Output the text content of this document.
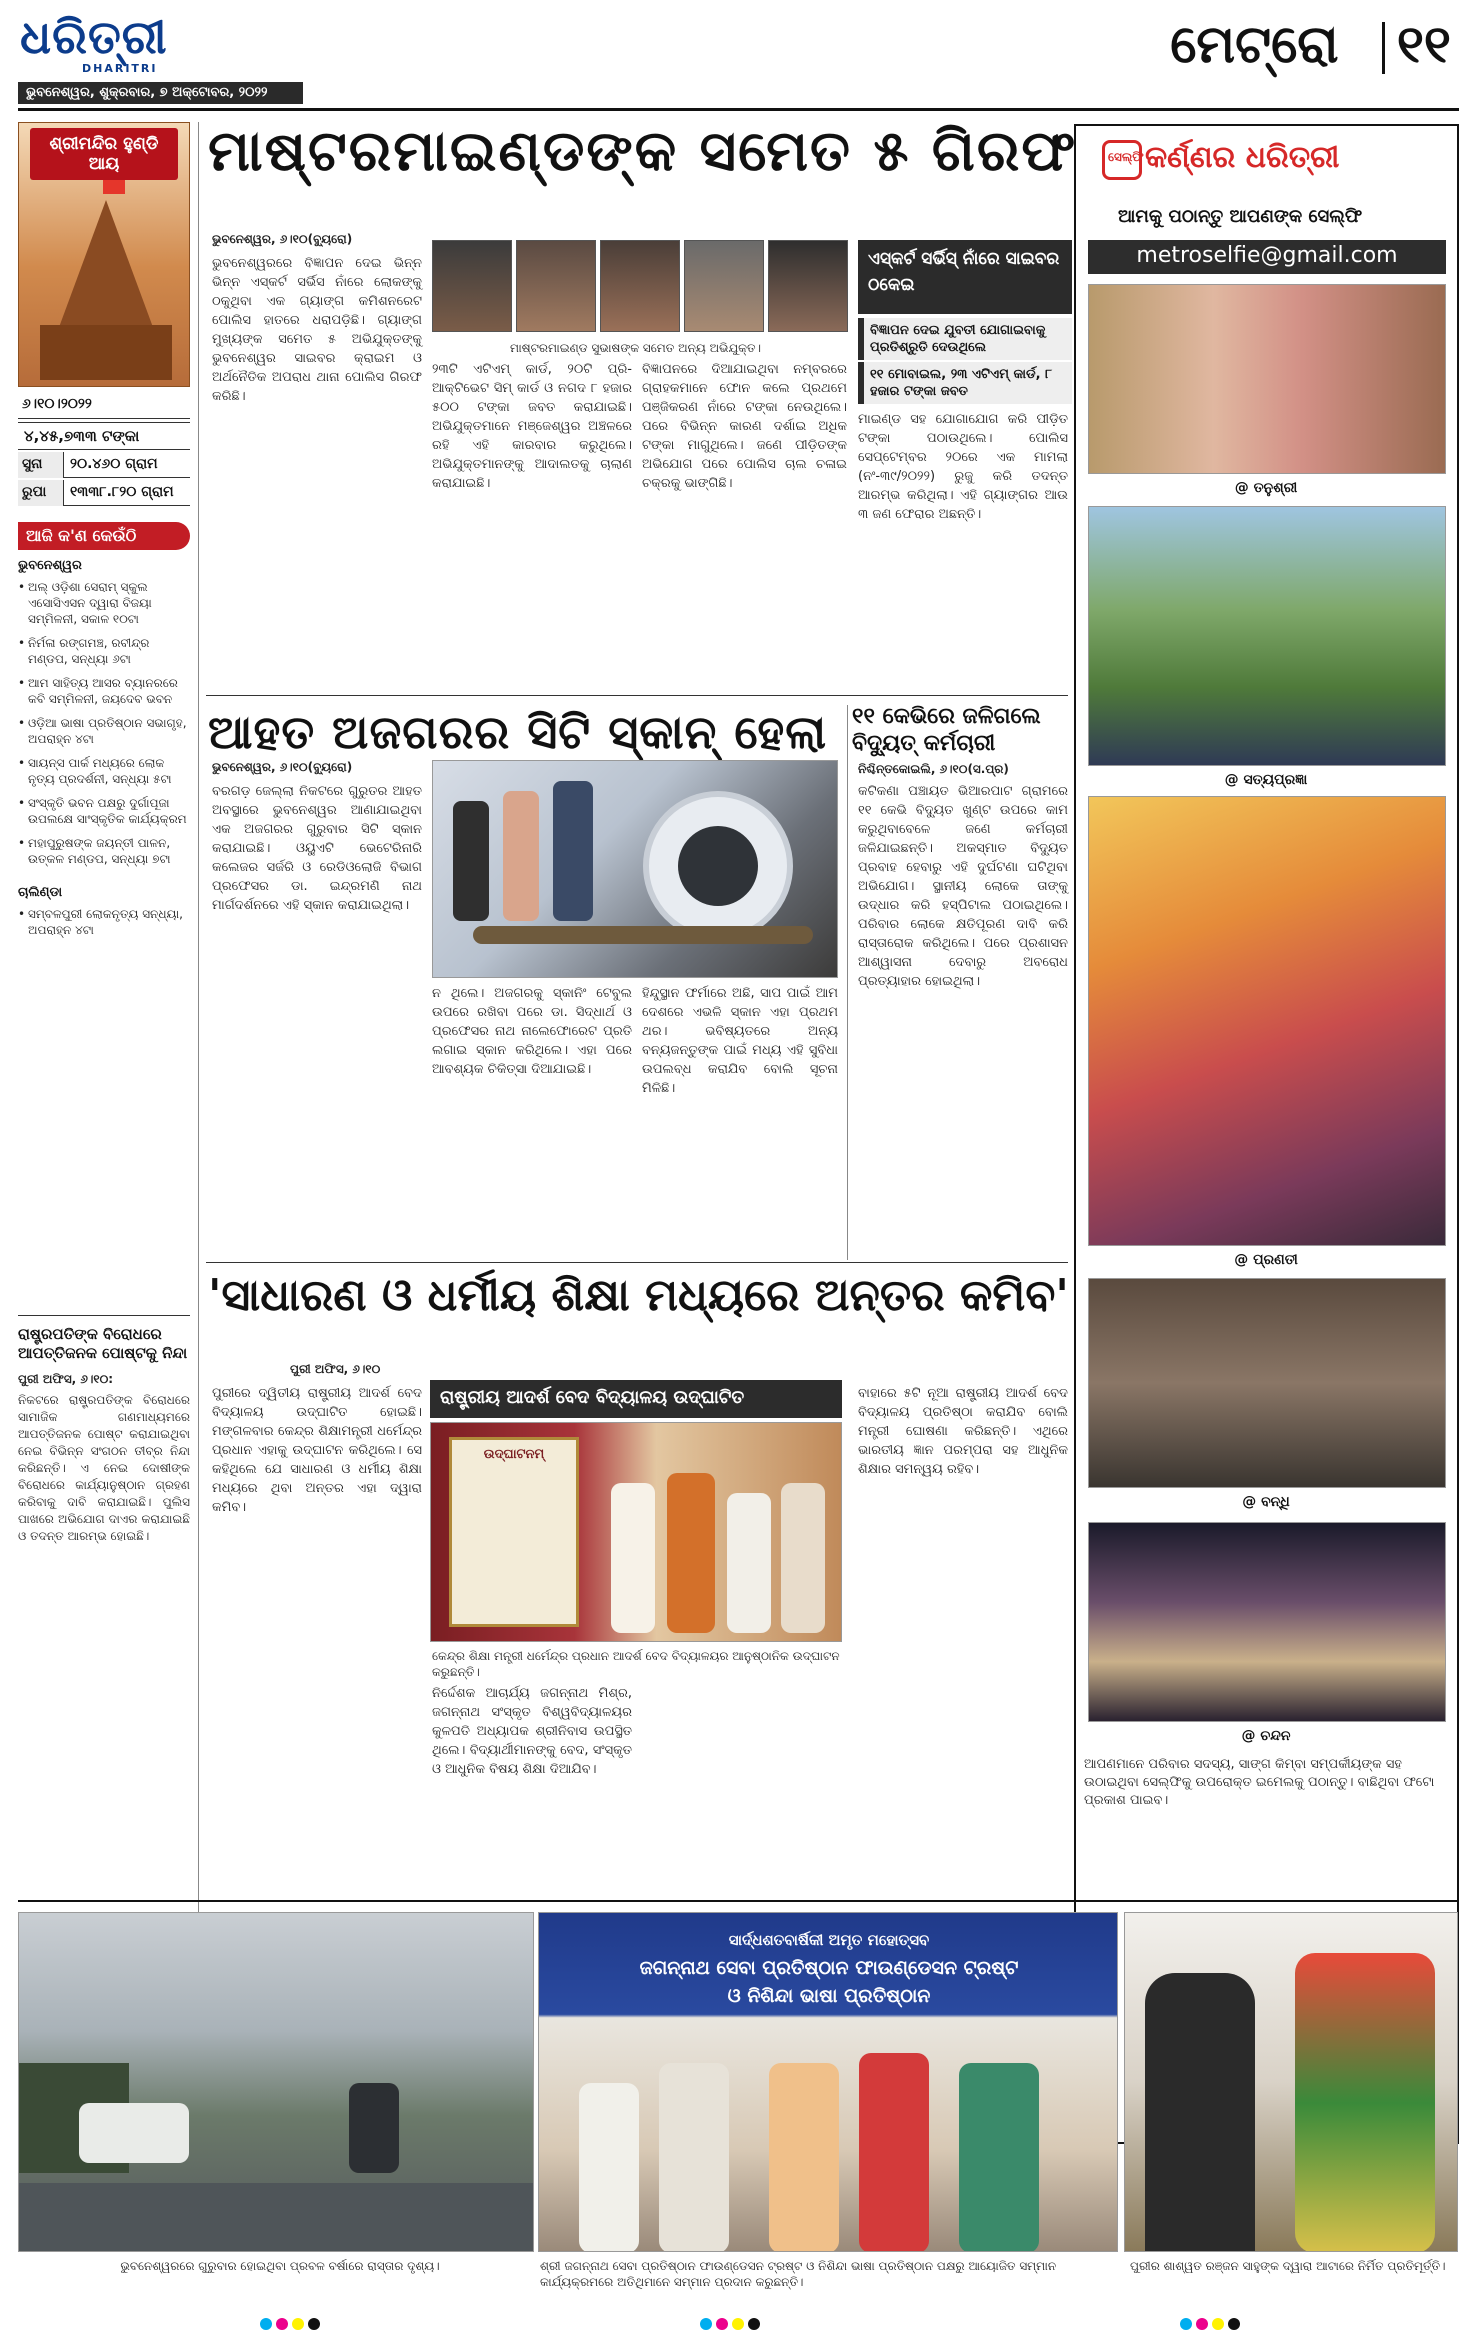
ଧରିତ୍ରୀ
DHARITRI
ଭୁବନେଶ୍ୱର, ଶୁକ୍ରବାର, ୭ ଅକ୍ଟୋବର, ୨୦୨୨
ମେଟ୍ରୋ ୧୧
ଶ୍ରୀମନ୍ଦିର ହୁଣ୍ଡି ଆୟ
୬।୧୦।୨୦୨୨
୪,୪୫,୭୩୩ ଟଙ୍କା
ସୁନା	୨୦.୪୬୦ ଗ୍ରାମ
ରୁପା	୧୩୩୮.୮୨୦ ଗ୍ରାମ
ଆଜି କ'ଣ କେଉଁଠି
ଭୁବନେଶ୍ୱର
• ଅଲ୍ ଓଡ଼ିଶା ସେରାମ୍ ସ୍କୁଲ ଏସୋସିଏସନ ଦ୍ୱାରା ବିଜୟା ସମ୍ମିଳନୀ, ସକାଳ ୧୦ଟା
• ନିର୍ମଳା ରଙ୍ଗମଞ୍ଚ, ରବୀନ୍ଦ୍ର ମଣ୍ଡପ, ସନ୍ଧ୍ୟା ୬ଟା
• ଆମ ସାହିତ୍ୟ ଆସର ବ୍ୟାନରରେ କବି ସମ୍ମିଳନୀ, ଜୟଦେବ ଭବନ
• ଓଡ଼ିଆ ଭାଷା ପ୍ରତିଷ୍ଠାନ ସଭାଗୃହ, ଅପରାହ୍ନ ୪ଟା
• ସାୟନ୍ସ ପାର୍କ ମଧ୍ୟରେ ଲୋକ ନୃତ୍ୟ ପ୍ରଦର୍ଶନୀ, ସନ୍ଧ୍ୟା ୫ଟା
• ସଂସ୍କୃତି ଭବନ ପକ୍ଷରୁ ଦୁର୍ଗାପୂଜା ଉପଲକ୍ଷେ ସାଂସ୍କୃତିକ କାର୍ଯ୍ୟକ୍ରମ
• ମହାପୁରୁଷଙ୍କ ଜୟନ୍ତୀ ପାଳନ, ଉତ୍କଳ ମଣ୍ଡପ, ସନ୍ଧ୍ୟା ୭ଟା
ଚାଲିଣ୍ଡା
• ସମ୍ବଳପୁରୀ ଲୋକନୃତ୍ୟ ସନ୍ଧ୍ୟା, ଅପରାହ୍ନ ୪ଟା
ରାଷ୍ଟ୍ରପତିଙ୍କ ବିରୋଧରେ ଆପତ୍ତିଜନକ ପୋଷ୍ଟକୁ ନିନ୍ଦା
ପୁରୀ ଅଫିସ, ୬।୧୦:
ନିକଟରେ ରାଷ୍ଟ୍ରପତିଙ୍କ ବିରୋଧରେ ସାମାଜିକ ଗଣମାଧ୍ୟମରେ ଆପତ୍ତିଜନକ ପୋଷ୍ଟ କରାଯାଇଥିବା ନେଇ ବିଭିନ୍ନ ସଂଗଠନ ତୀବ୍ର ନିନ୍ଦା କରିଛନ୍ତି। ଏ ନେଇ ଦୋଷୀଙ୍କ ବିରୋଧରେ କାର୍ଯ୍ୟାନୁଷ୍ଠାନ ଗ୍ରହଣ କରିବାକୁ ଦାବି କରାଯାଇଛି। ପୁଲିସ ପାଖରେ ଅଭିଯୋଗ ଦାଏର କରାଯାଇଛି ଓ ତଦନ୍ତ ଆରମ୍ଭ ହୋଇଛି।
ମାଷ୍ଟରମାଇଣ୍ଡଙ୍କ ସମେତ ୫ ଗିରଫ
ଭୁବନେଶ୍ୱର, ୬।୧୦(ବ୍ୟୁରୋ)
ଭୁବନେଶ୍ୱରରେ ବିଜ୍ଞାପନ ଦେଇ ଭିନ୍ନ ଭିନ୍ନ ଏସ୍କର୍ଟ ସର୍ଭିସ ନାଁରେ ଲୋକଙ୍କୁ ଠକୁଥିବା ଏକ ଗ୍ୟାଙ୍ଗ କମିଶନରେଟ ପୋଲିସ ହାତରେ ଧରାପଡ଼ିଛି। ଗ୍ୟାଙ୍ଗ ମୁଖ୍ୟଙ୍କ ସମେତ ୫ ଅଭିଯୁକ୍ତଙ୍କୁ ଭୁବନେଶ୍ୱର ସାଇବର କ୍ରାଇମ ଓ ଅର୍ଥନୈତିକ ଅପରାଧ ଥାନା ପୋଲିସ ଗିରଫ କରିଛି।
ମାଷ୍ଟରମାଇଣ୍ଡ ସୁଭାଷଙ୍କ ସମେତ ଅନ୍ୟ ଅଭିଯୁକ୍ତ।
୨୩ଟି ଏଟିଏମ୍ କାର୍ଡ, ୨୦ଟି ପ୍ରି-ଆକ୍ଟିଭେଟ ସିମ୍ କାର୍ଡ ଓ ନଗଦ ୮ ହଜାର ୫୦୦ ଟଙ୍କା ଜବତ କରାଯାଇଛି। ଅଭିଯୁକ୍ତମାନେ ମଞ୍ଜେଶ୍ୱର ଅଞ୍ଚଳରେ ରହି ଏହି କାରବାର କରୁଥିଲେ। ଅଭିଯୁକ୍ତମାନଙ୍କୁ ଆଦାଲତକୁ ଚାଲାଣ କରାଯାଇଛି।
ବିଜ୍ଞାପନରେ ଦିଆଯାଇଥିବା ନମ୍ବରରେ ଗ୍ରାହକମାନେ ଫୋନ କଲେ ପ୍ରଥମେ ପଞ୍ଜିକରଣ ନାଁରେ ଟଙ୍କା ନେଉଥିଲେ। ପରେ ବିଭିନ୍ନ କାରଣ ଦର୍ଶାଇ ଅଧିକ ଟଙ୍କା ମାଗୁଥିଲେ। ଜଣେ ପୀଡ଼ିତଙ୍କ ଅଭିଯୋଗ ପରେ ପୋଲିସ ଚାଲ ଚଳାଇ ଚକ୍ରକୁ ଭାଙ୍ଗିଛି।
ଏସ୍କର୍ଟ ସର୍ଭିସ୍ ନାଁରେ ସାଇବର ଠକେଇ
ବିଜ୍ଞାପନ ଦେଇ ଯୁବତୀ ଯୋଗାଇବାକୁ ପ୍ରତିଶ୍ରୁତି ଦେଉଥିଲେ
୧୧ ମୋବାଇଲ, ୨୩ ଏଟିଏମ୍ କାର୍ଡ, ୮ ହଜାର ଟଙ୍କା ଜବତ
ମାଇଣ୍ଡ ସହ ଯୋଗାଯୋଗ କରି ପୀଡ଼ିତ ଟଙ୍କା ପଠାଉଥିଲେ। ପୋଲିସ ସେପ୍ଟେମ୍ବର ୨୦ରେ ଏକ ମାମଲା (ନଂ-୩୯/୨୦୨୨) ରୁଜୁ କରି ତଦନ୍ତ ଆରମ୍ଭ କରିଥିଲା। ଏହି ଗ୍ୟାଙ୍ଗର ଆଉ ୩ ଜଣ ଫେରାର ଅଛନ୍ତି।
ଆହତ ଅଜଗରର ସିଟି ସ୍କାନ୍ ହେଲା
ଭୁବନେଶ୍ୱର, ୬।୧୦(ବ୍ୟୁରୋ)
ବରଗଡ଼ ଜେଲ୍ଲା ନିକଟରେ ଗୁରୁତର ଆହତ ଅବସ୍ଥାରେ ଭୁବନେଶ୍ୱର ଆଣାଯାଇଥିବା ଏକ ଅଜଗରର ଗୁରୁବାର ସିଟି ସ୍କାନ କରାଯାଇଛି। ଓୟୁଏଟି ଭେଟେରିନାରି କଲେଜର ସର୍ଜରି ଓ ରେଡିଓଲୋଜି ବିଭାଗ ପ୍ରଫେସର ଡା. ଇନ୍ଦ୍ରମଣି ନାଥ ମାର୍ଗଦର୍ଶନରେ ଏହି ସ୍କାନ କରାଯାଇଥିଲା।
ନ ଥିଲେ। ଅଜଗରକୁ ସ୍କାନିଂ ଟେବୁଲ ଉପରେ ରଖିବା ପରେ ଡା. ସିଦ୍ଧାର୍ଥ ଓ ପ୍ରଫେସର ନାଥ ନାଲେଫୋରେଟ ପ୍ରତି ଲଗାଇ ସ୍କାନ କରିଥିଲେ। ଏହା ପରେ ଆବଶ୍ୟକ ଚିକିତ୍ସା ଦିଆଯାଇଛି।
ହିନ୍ଦୁସ୍ଥାନ ଫର୍ମାରେ ଅଛି, ସାପ ପାଇଁ ଆମ ଦେଶରେ ଏଭଳି ସ୍କାନ ଏହା ପ୍ରଥମ ଥର। ଭବିଷ୍ୟତରେ ଅନ୍ୟ ବନ୍ୟଜନ୍ତୁଙ୍କ ପାଇଁ ମଧ୍ୟ ଏହି ସୁବିଧା ଉପଲବ୍ଧ କରାଯିବ ବୋଲି ସୂଚନା ମିଳିଛି।
୧୧ କେଭିରେ ଜଳିଗଲେ ବିଦ୍ୟୁତ୍ କର୍ମଚାରୀ
ନିଶ୍ଚିନ୍ତକୋଇଲି, ୬।୧୦(ସ.ପ୍ର)
କଟିକଣା ପଞ୍ଚାୟତ ଭିଆରପାଟ ଗ୍ରାମରେ ୧୧ କେଭି ବିଦ୍ୟୁତ ଖୁଣ୍ଟ ଉପରେ କାମ କରୁଥିବାବେଳେ ଜଣେ କର୍ମଚାରୀ ଜଳିଯାଇଛନ୍ତି। ଅକସ୍ମାତ ବିଦ୍ୟୁତ ପ୍ରବାହ ହେବାରୁ ଏହି ଦୁର୍ଘଟଣା ଘଟିଥିବା ଅଭିଯୋଗ। ସ୍ଥାନୀୟ ଲୋକେ ତାଙ୍କୁ ଉଦ୍ଧାର କରି ହସ୍ପିଟାଲ ପଠାଇଥିଲେ। ପରିବାର ଲୋକେ କ୍ଷତିପୂରଣ ଦାବି କରି ରାସ୍ତାରୋକ କରିଥିଲେ। ପରେ ପ୍ରଶାସନ ଆଶ୍ୱାସନା ଦେବାରୁ ଅବରୋଧ ପ୍ରତ୍ୟାହାର ହୋଇଥିଲା।
'ସାଧାରଣ ଓ ଧର୍ମୀୟ ଶିକ୍ଷା ମଧ୍ୟରେ ଅନ୍ତର କମିବ'
ପୁରୀ ଅଫିସ, ୬।୧୦
ପୁରୀରେ ଦ୍ୱିତୀୟ ରାଷ୍ଟ୍ରୀୟ ଆଦର୍ଶ ବେଦ ବିଦ୍ୟାଳୟ ଉଦ୍‌ଘାଟିତ ହୋଇଛି। ମଙ୍ଗଳବାର କେନ୍ଦ୍ର ଶିକ୍ଷାମନ୍ତ୍ରୀ ଧର୍ମେନ୍ଦ୍ର ପ୍ରଧାନ ଏହାକୁ ଉଦ୍‌ଘାଟନ କରିଥିଲେ। ସେ କହିଥିଲେ ଯେ ସାଧାରଣ ଓ ଧର୍ମୀୟ ଶିକ୍ଷା ମଧ୍ୟରେ ଥିବା ଅନ୍ତର ଏହା ଦ୍ୱାରା କମିବ।
ରାଷ୍ଟ୍ରୀୟ ଆଦର୍ଶ ବେଦ ବିଦ୍ୟାଳୟ ଉଦ୍‌ଘାଟିତ
ଉଦ୍‌ଘାଟନମ୍
କେନ୍ଦ୍ର ଶିକ୍ଷା ମନ୍ତ୍ରୀ ଧର୍ମେନ୍ଦ୍ର ପ୍ରଧାନ ଆଦର୍ଶ ବେଦ ବିଦ୍ୟାଳୟର ଆନୁଷ୍ଠାନିକ ଉଦ୍‌ଘାଟନ କରୁଛନ୍ତି।
ନିର୍ଦ୍ଦେଶକ ଆଚାର୍ଯ୍ୟ ଜଗନ୍ନାଥ ମିଶ୍ର, ଜଗନ୍ନାଥ ସଂସ୍କୃତ ବିଶ୍ୱବିଦ୍ୟାଳୟର କୁଳପତି ଅଧ୍ୟାପକ ଶ୍ରୀନିବାସ ଉପସ୍ଥିତ ଥିଲେ। ବିଦ୍ୟାର୍ଥୀମାନଙ୍କୁ ବେଦ, ସଂସ୍କୃତ ଓ ଆଧୁନିକ ବିଷୟ ଶିକ୍ଷା ଦିଆଯିବ।
ବାହାରେ ୫ଟି ନୂଆ ରାଷ୍ଟ୍ରୀୟ ଆଦର୍ଶ ବେଦ ବିଦ୍ୟାଳୟ ପ୍ରତିଷ୍ଠା କରାଯିବ ବୋଲି ମନ୍ତ୍ରୀ ଘୋଷଣା କରିଛନ୍ତି। ଏଥିରେ ଭାରତୀୟ ଜ୍ଞାନ ପରମ୍ପରା ସହ ଆଧୁନିକ ଶିକ୍ଷାର ସମନ୍ୱୟ ରହିବ।
ସେଲ୍ଫି କର୍ଣ୍ଣର ଧରିତ୍ରୀ
ଆମକୁ ପଠାନ୍ତୁ ଆପଣଙ୍କ ସେଲ୍‌ଫି
metroselfie@gmail.com
@ ତନୁଶ୍ରୀ
@ ସତ୍ୟପ୍ରଜ୍ଞା
@ ପ୍ରଣତୀ
@ ବନ୍ଧି
@ ଚନ୍ଦନ
ଆପଣମାନେ ପରିବାର ସଦସ୍ୟ, ସାଙ୍ଗ କିମ୍ବା ସମ୍ପର୍କୀୟଙ୍କ ସହ ଉଠାଇଥିବା ସେଲ୍‌ଫିକୁ ଉପରୋକ୍ତ ଇମେଲକୁ ପଠାନ୍ତୁ। ବାଛିଥିବା ଫଟୋ ପ୍ରକାଶ ପାଇବ।
ଭୁବନେଶ୍ୱରରେ ଗୁରୁବାର ହୋଇଥିବା ପ୍ରବଳ ବର୍ଷାରେ ରାସ୍ତାର ଦୃଶ୍ୟ।
ସାର୍ଦ୍ଧଶତବାର୍ଷିକୀ ଅମୃତ ମହୋତ୍ସବ
ଜଗନ୍ନାଥ ସେବା ପ୍ରତିଷ୍ଠାନ ଫାଉଣ୍ଡେସନ ଟ୍ରଷ୍ଟ
ଓ ନିଶିନ୍ଦା ଭାଷା ପ୍ରତିଷ୍ଠାନ
ଶ୍ରୀ ଜଗନ୍ନାଥ ସେବା ପ୍ରତିଷ୍ଠାନ ଫାଉଣ୍ଡେସନ ଟ୍ରଷ୍ଟ ଓ ନିଶିନ୍ଦା ଭାଷା ପ୍ରତିଷ୍ଠାନ ପକ୍ଷରୁ ଆୟୋଜିତ ସମ୍ମାନ କାର୍ଯ୍ୟକ୍ରମରେ ଅତିଥିମାନେ ସମ୍ମାନ ପ୍ରଦାନ କରୁଛନ୍ତି।
ପୁରୀର ଶାଶ୍ୱତ ରଞ୍ଜନ ସାହୁଙ୍କ ଦ୍ୱାରା ଆଟାରେ ନିର୍ମିତ ପ୍ରତିମୂର୍ତ୍ତି।
